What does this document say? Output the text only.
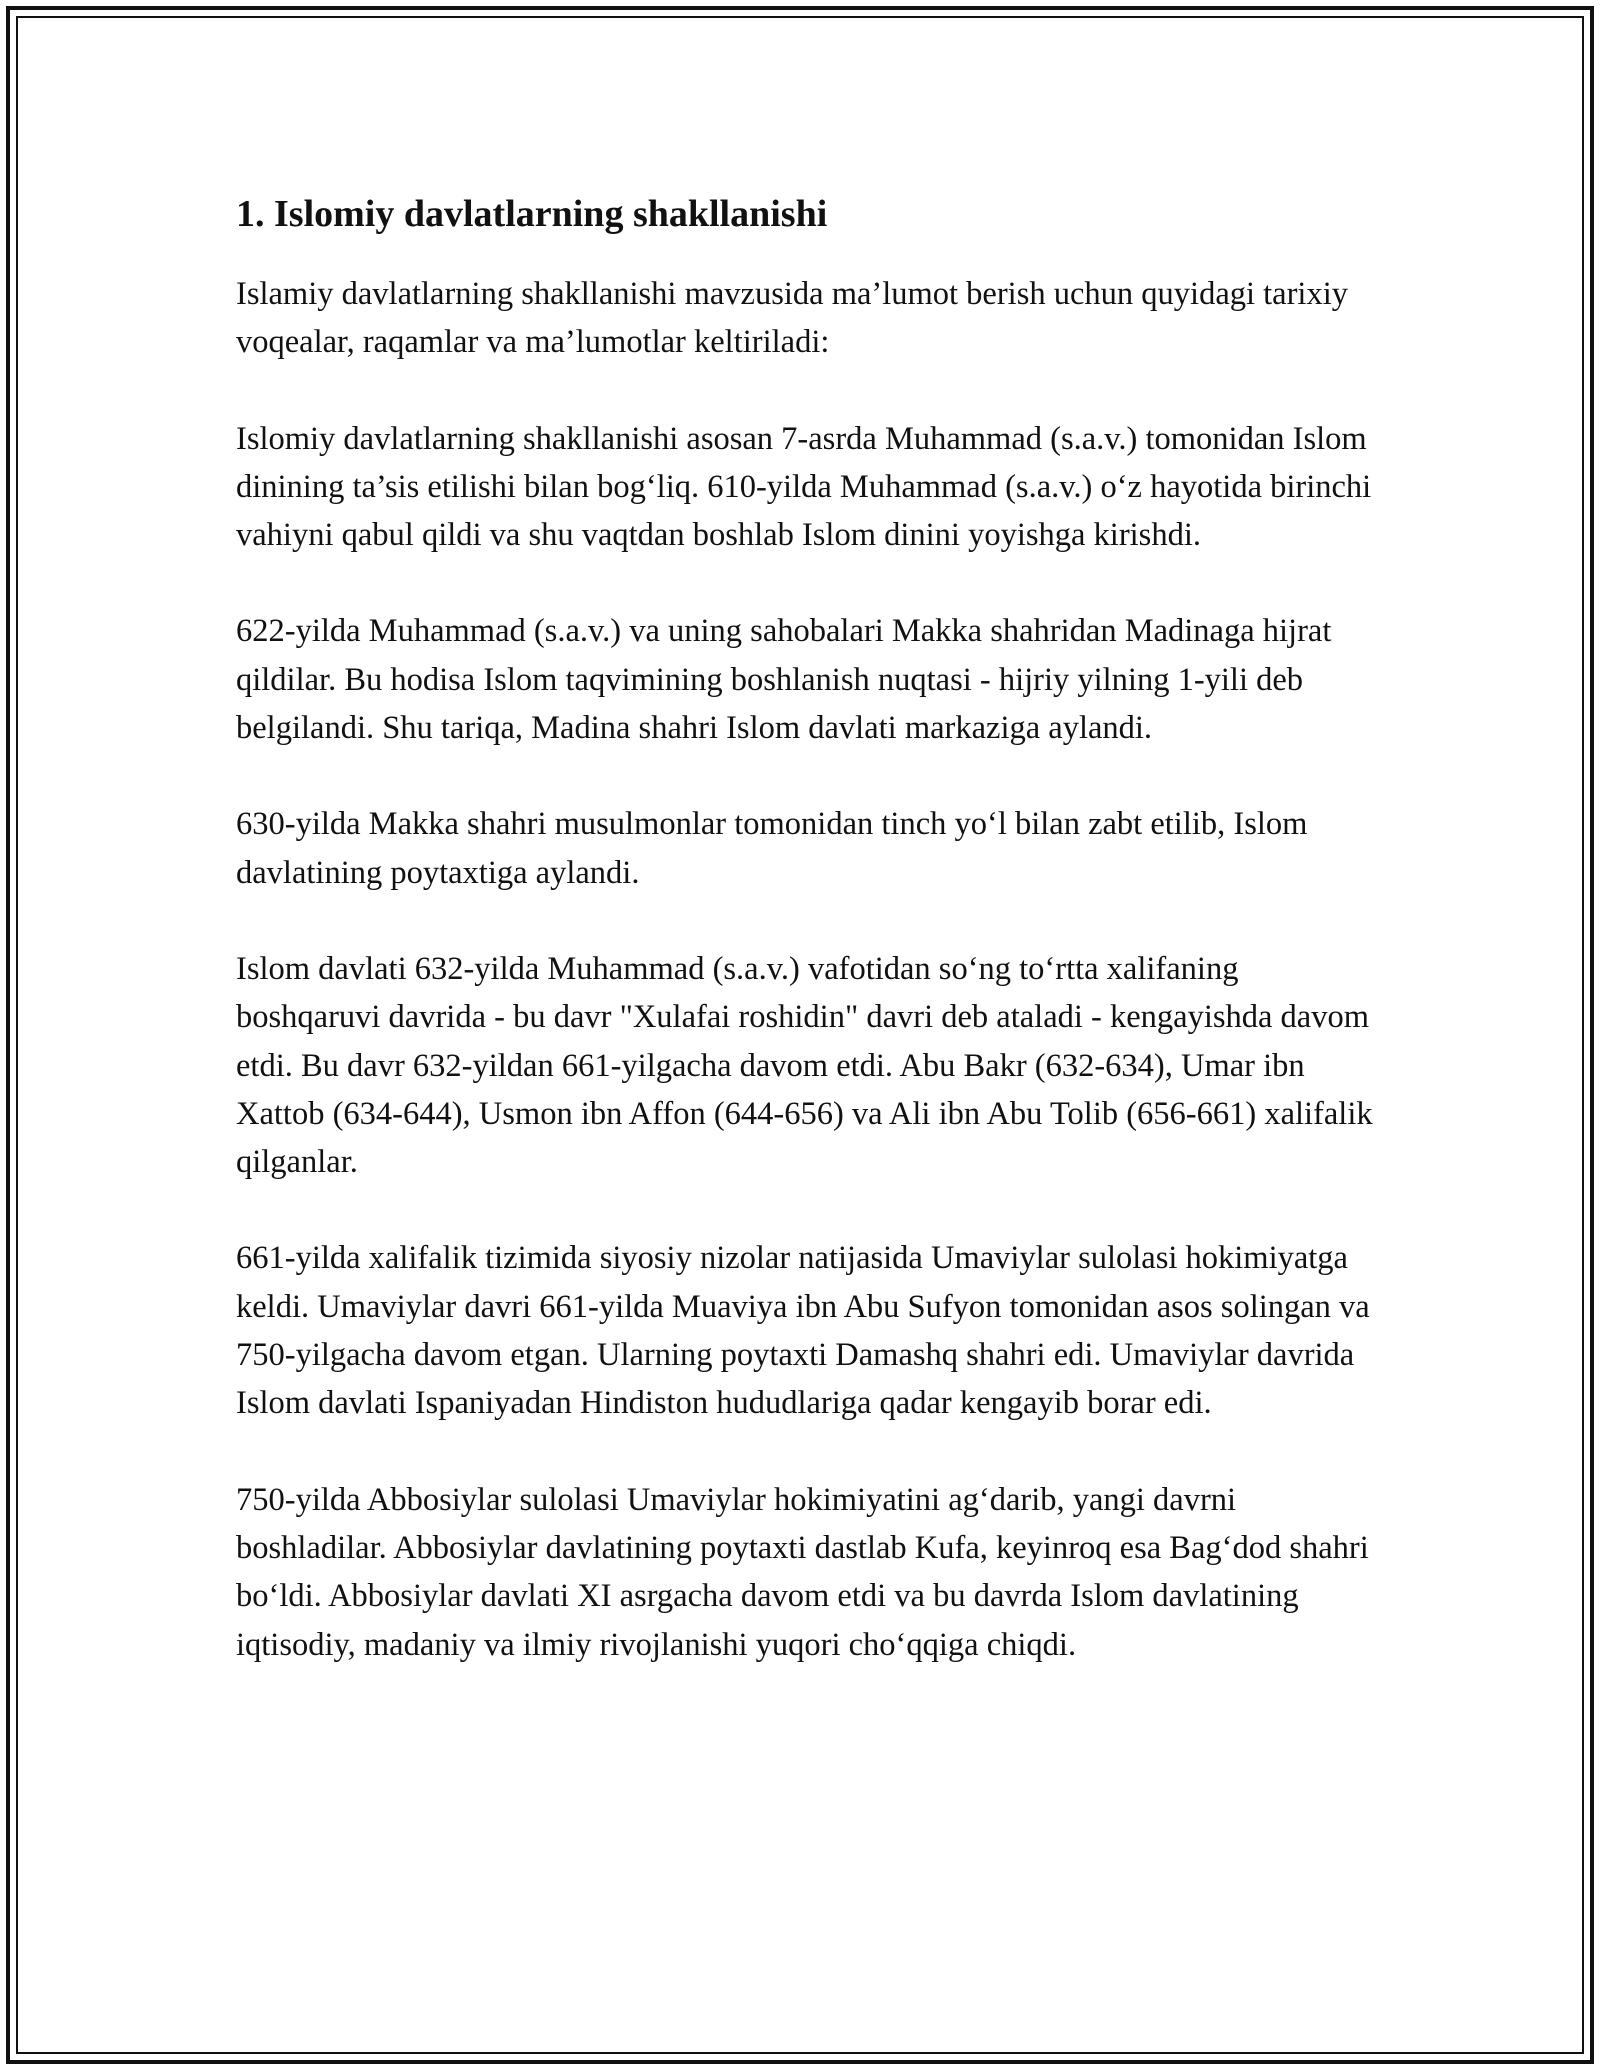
1. Islomiy davlatlarning shakllanishi

Islamiy davlatlarning shakllanishi mavzusida ma’lumot berish uchun quyidagi tarixiy voqealar, raqamlar va ma’lumotlar keltiriladi:

Islomiy davlatlarning shakllanishi asosan 7-asrda Muhammad (s.a.v.) tomonidan Islom dinining ta’sis etilishi bilan bog‘liq. 610-yilda Muhammad (s.a.v.) o‘z hayotida birinchi vahiyni qabul qildi va shu vaqtdan boshlab Islom dinini yoyishga kirishdi.

622-yilda Muhammad (s.a.v.) va uning sahobalari Makka shahridan Madinaga hijrat qildilar. Bu hodisa Islom taqvimining boshlanish nuqtasi - hijriy yilning 1-yili deb belgilandi. Shu tariqa, Madina shahri Islom davlati markaziga aylandi.

630-yilda Makka shahri musulmonlar tomonidan tinch yo‘l bilan zabt etilib, Islom davlatining poytaxtiga aylandi.

Islom davlati 632-yilda Muhammad (s.a.v.) vafotidan so‘ng to‘rtta xalifaning boshqaruvi davrida - bu davr "Xulafai roshidin" davri deb ataladi - kengayishda davom etdi. Bu davr 632-yildan 661-yilgacha davom etdi. Abu Bakr (632-634), Umar ibn Xattob (634-644), Usmon ibn Affon (644-656) va Ali ibn Abu Tolib (656-661) xalifalik qilganlar.

661-yilda xalifalik tizimida siyosiy nizolar natijasida Umaviylar sulolasi hokimiyatga keldi. Umaviylar davri 661-yilda Muaviya ibn Abu Sufyon tomonidan asos solingan va 750-yilgacha davom etgan. Ularning poytaxti Damashq shahri edi. Umaviylar davrida Islom davlati Ispaniyadan Hindiston hududlariga qadar kengayib borar edi.

750-yilda Abbosiylar sulolasi Umaviylar hokimiyatini ag‘darib, yangi davrni boshladilar. Abbosiylar davlatining poytaxti dastlab Kufa, keyinroq esa Bag‘dod shahri bo‘ldi. Abbosiylar davlati XI asrgacha davom etdi va bu davrda Islom davlatining iqtisodiy, madaniy va ilmiy rivojlanishi yuqori cho‘qqiga chiqdi.
